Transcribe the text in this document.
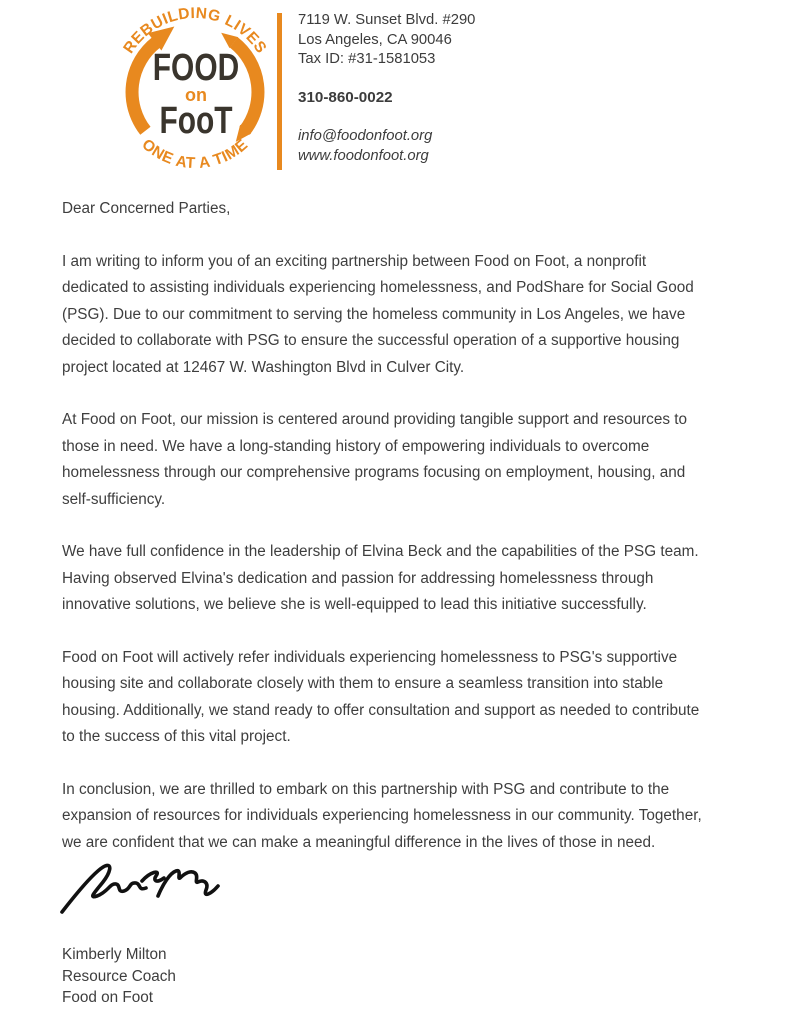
REBUILDING LIVES
ONE AT A TIME
FOOD
on
FooT
7119 W. Sunset Blvd. #290
Los Angeles, CA 90046
Tax ID: #31-1581053
310-860-0022
info@foodonfoot.org
www.foodonfoot.org

Dear Concerned Parties,

I am writing to inform you of an exciting partnership between Food on Foot, a nonprofit
dedicated to assisting individuals experiencing homelessness, and PodShare for Social Good
(PSG). Due to our commitment to serving the homeless community in Los Angeles, we have
decided to collaborate with PSG to ensure the successful operation of a supportive housing
project located at 12467 W. Washington Blvd in Culver City.

At Food on Foot, our mission is centered around providing tangible support and resources to
those in need. We have a long-standing history of empowering individuals to overcome
homelessness through our comprehensive programs focusing on employment, housing, and
self-sufficiency.

We have full confidence in the leadership of Elvina Beck and the capabilities of the PSG team.
Having observed Elvina's dedication and passion for addressing homelessness through
innovative solutions, we believe she is well-equipped to lead this initiative successfully.

Food on Foot will actively refer individuals experiencing homelessness to PSG's supportive
housing site and collaborate closely with them to ensure a seamless transition into stable
housing. Additionally, we stand ready to offer consultation and support as needed to contribute
to the success of this vital project.

In conclusion, we are thrilled to embark on this partnership with PSG and contribute to the
expansion of resources for individuals experiencing homelessness in our community. Together,
we are confident that we can make a meaningful difference in the lives of those in need.

Kimberly Milton
Resource Coach
Food on Foot
